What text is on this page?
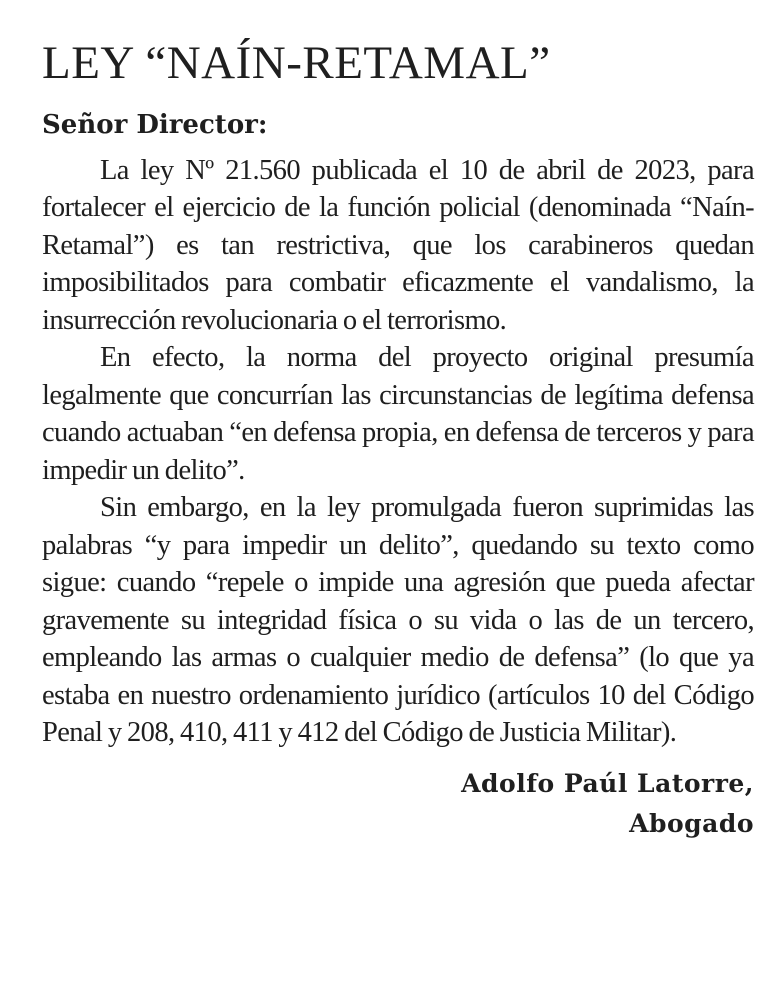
LEY “NAÍN-RETAMAL”
Señor Director:

La ley Nº 21.560 publicada el 10 de abril de 2023, para fortalecer el ejercicio de la función policial (denominada “Naín-Retamal”) es tan restrictiva, que los carabineros quedan imposibilitados para combatir eficazmente el vandalismo, la insurrección revolucionaria o el terrorismo.

En efecto, la norma del proyecto original presumía legalmente que concurrían las circunstancias de legítima defensa cuando actuaban “en defensa propia, en defensa de terceros y para impedir un delito”.

Sin embargo, en la ley promulgada fueron suprimidas las palabras “y para impedir un delito”, quedando su texto como sigue: cuando “repele o impide una agresión que pueda afectar gravemente su integridad física o su vida o las de un tercero, empleando las armas o cualquier medio de defensa” (lo que ya estaba en nuestro ordenamiento jurídico (artículos 10 del Código Penal y 208, 410, 411 y 412 del Código de Justicia Militar).

Adolfo Paúl Latorre,
Abogado
